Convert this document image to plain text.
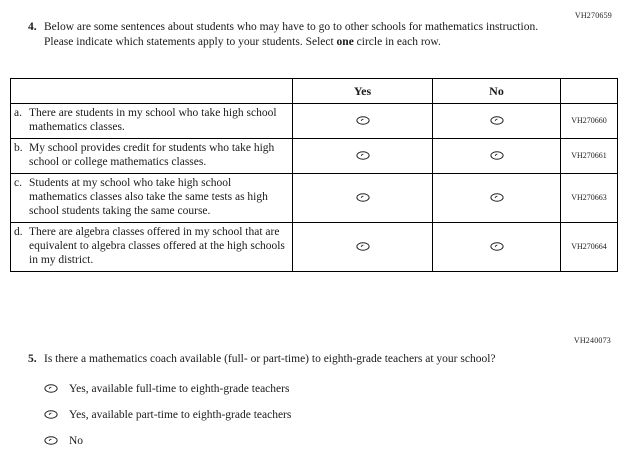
VH270659
4. Below are some sentences about students who may have to go to other schools for mathematics instruction. Please indicate which statements apply to your students. Select one circle in each row.

	Yes	No	

a. There are students in my school who take high school mathematics classes.			VH270660

b. My school provides credit for students who take high school or college mathematics classes.			VH270661

c. Students at my school who take high school mathematics classes also take the same tests as high school students taking the same course.			VH270663

d. There are algebra classes offered in my school that are equivalent to algebra classes offered at the high schools in my district.			VH270664
VH240073
5. Is there a mathematics coach available (full- or part-time) to eighth-grade teachers at your school?

Yes, available full-time to eighth-grade teachers
Yes, available part-time to eighth-grade teachers
No
